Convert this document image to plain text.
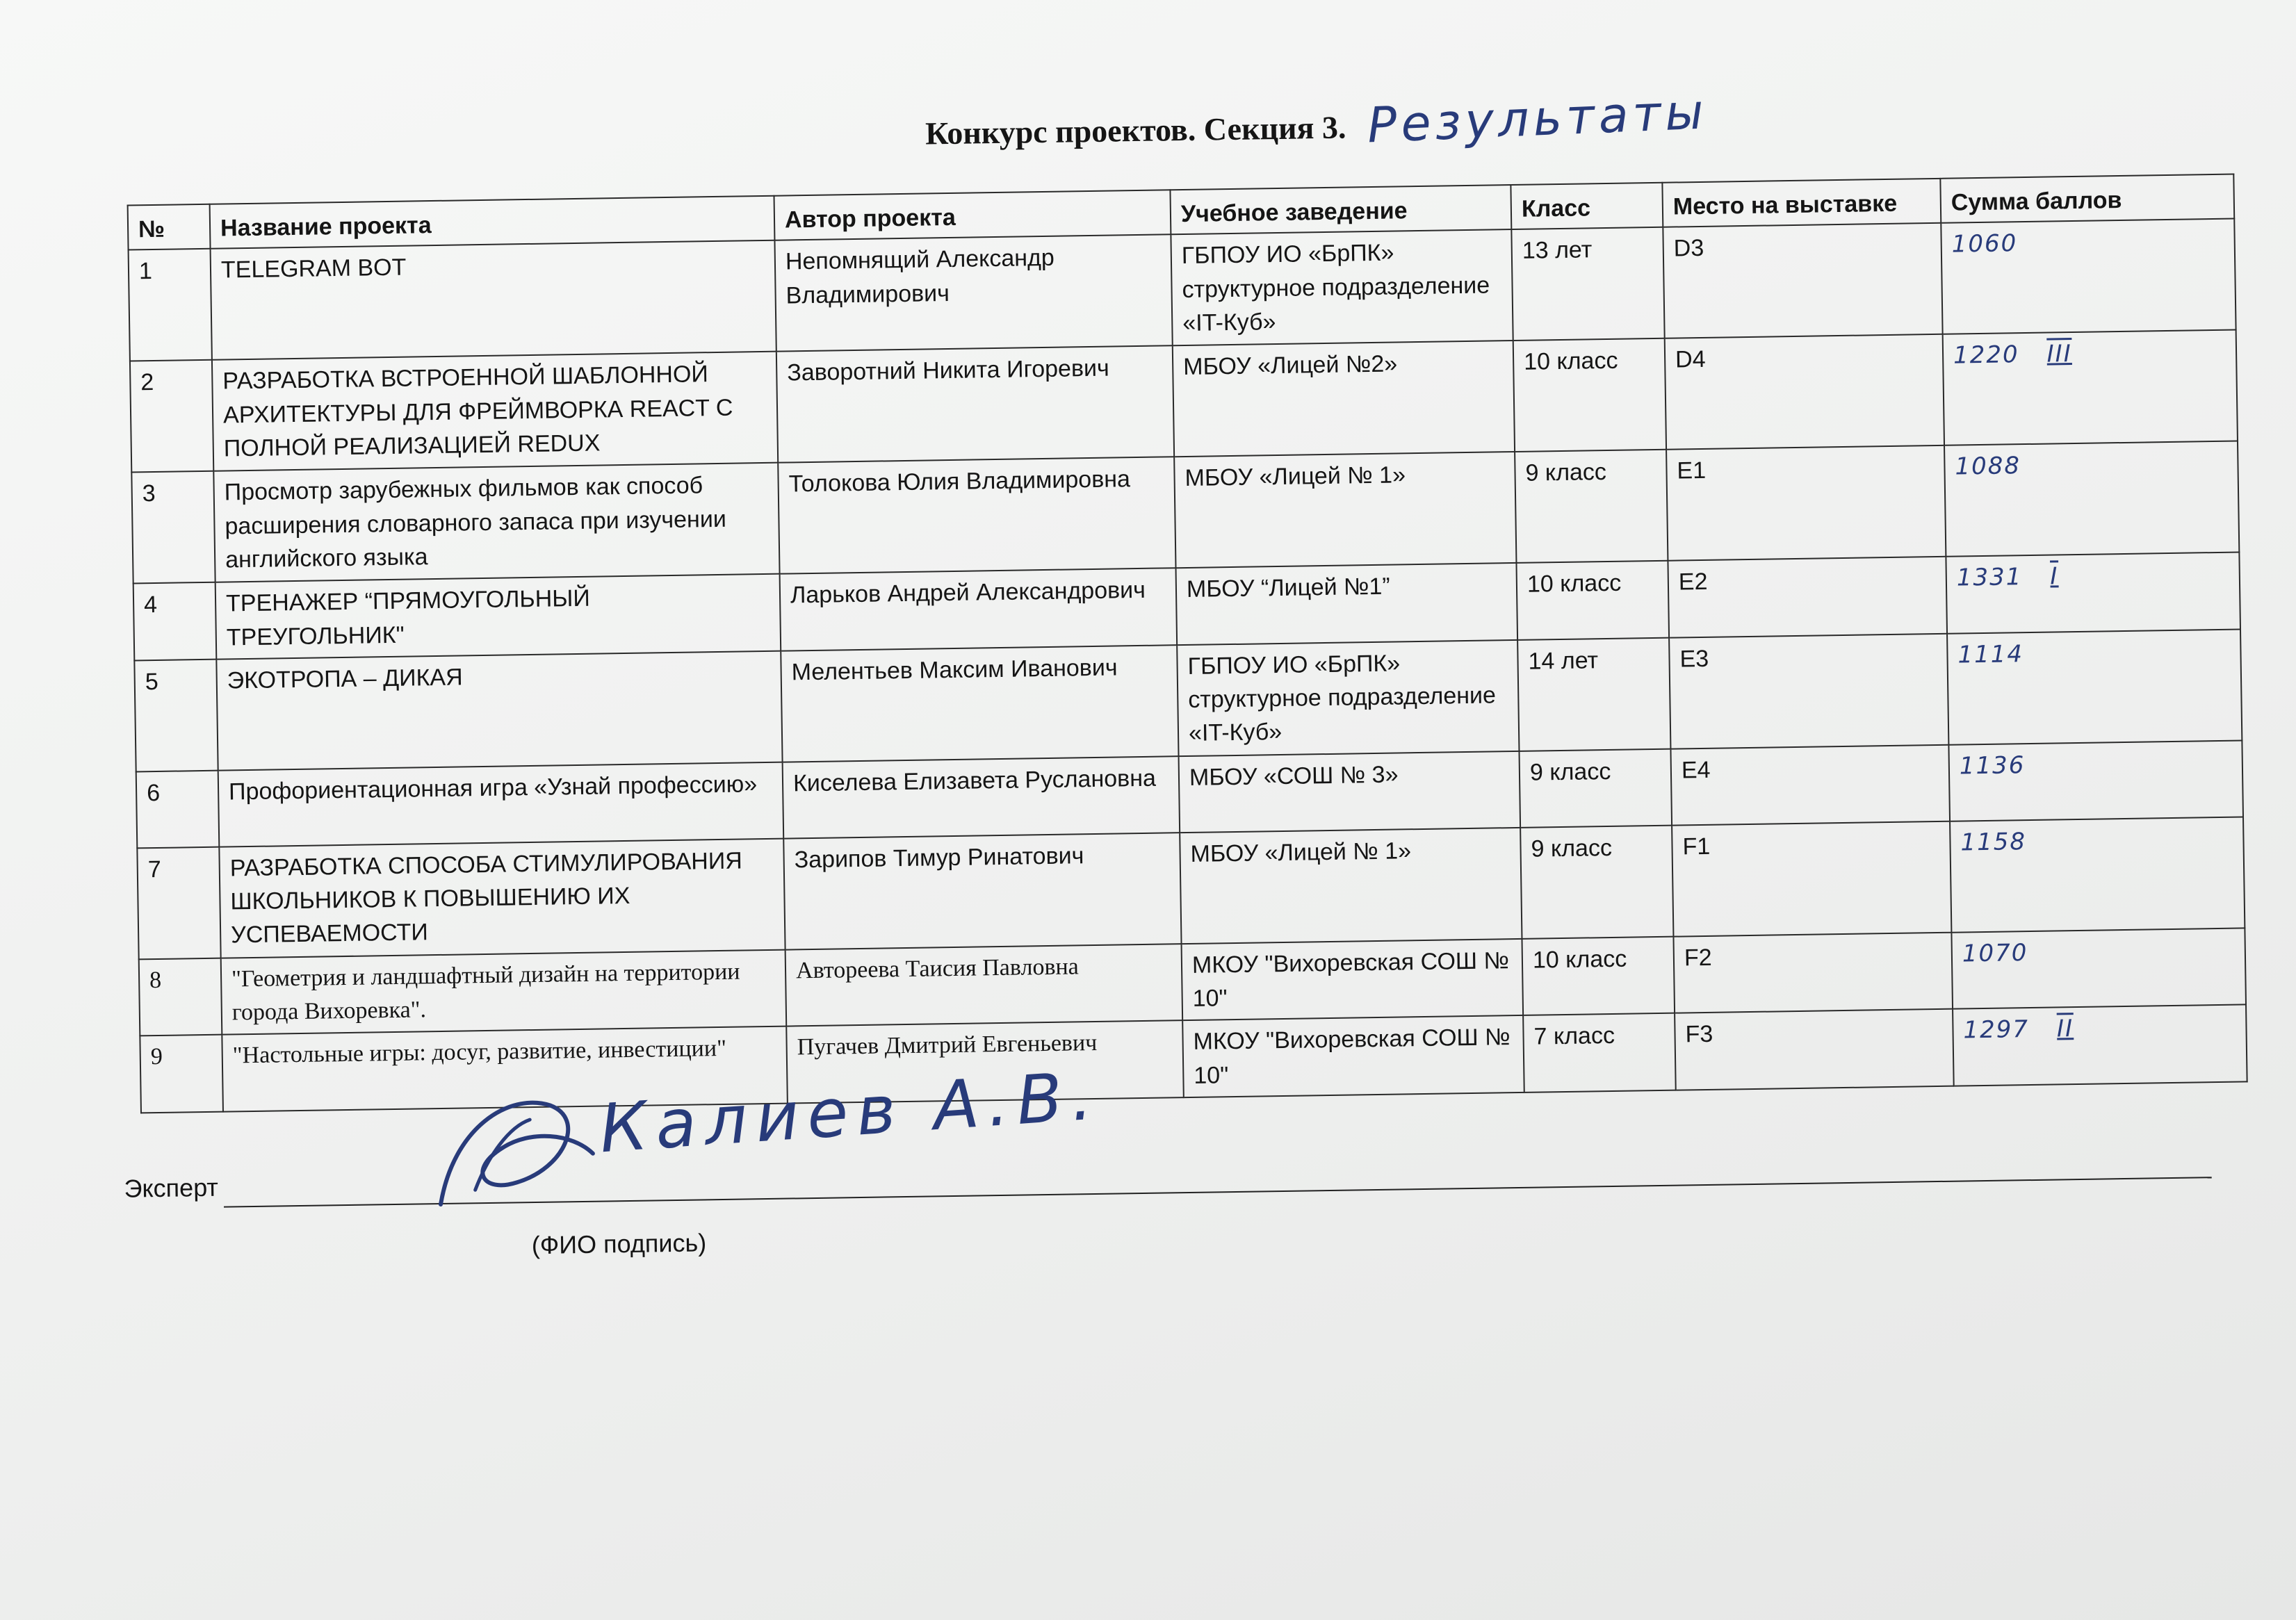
Конкурс проектов. Секция 3. Результаты
№	Название проекта	Автор проекта	Учебное заведение	Класс	Место на выставке	Сумма баллов
1	TELEGRAM BOT	Непомнящий Александр Владимирович	ГБПОУ ИО «БрПК» структурное подразделение «IT-Куб»	13 лет	D3	1060
2	РАЗРАБОТКА ВСТРОЕННОЙ ШАБЛОННОЙ АРХИТЕКТУРЫ ДЛЯ ФРЕЙМВОРКА REACT С ПОЛНОЙ РЕАЛИЗАЦИЕЙ REDUX	Заворотний Никита Игоревич	МБОУ «Лицей №2»	10 класс	D4	1220 III
3	Просмотр зарубежных фильмов как способ расширения словарного запаса при изучении английского языка	Толокова Юлия Владимировна	МБОУ «Лицей № 1»	9 класс	E1	1088
4	ТРЕНАЖЕР “ПРЯМОУГОЛЬНЫЙ ТРЕУГОЛЬНИК"	Ларьков Андрей Александрович	МБОУ “Лицей №1”	10 класс	E2	1331 I
5	ЭКОТРОПА – ДИКАЯ	Мелентьев Максим Иванович	ГБПОУ ИО «БрПК» структурное подразделение «IT-Куб»	14 лет	E3	1114
6	Профориентационная игра «Узнай профессию»	Киселева Елизавета Руслановна	МБОУ «СОШ № 3»	9 класс	E4	1136
7	РАЗРАБОТКА СПОСОБА СТИМУЛИРОВАНИЯ ШКОЛЬНИКОВ К ПОВЫШЕНИЮ ИХ УСПЕВАЕМОСТИ	Зарипов Тимур Ринатович	МБОУ «Лицей № 1»	9 класс	F1	1158
8	"Геометрия и ландшафтный дизайн на территории города Вихоревка".	Автореева Таисия Павловна	МКОУ "Вихоревская СОШ № 10"	10 класс	F2	1070
9	"Настольные игры: досуг, развитие, инвестиции"	Пугачев Дмитрий Евгеньевич	МКОУ "Вихоревская СОШ № 10"	7 класс	F3	1297 II
Эксперт
Калиев А.В.
(ФИО подпись)
